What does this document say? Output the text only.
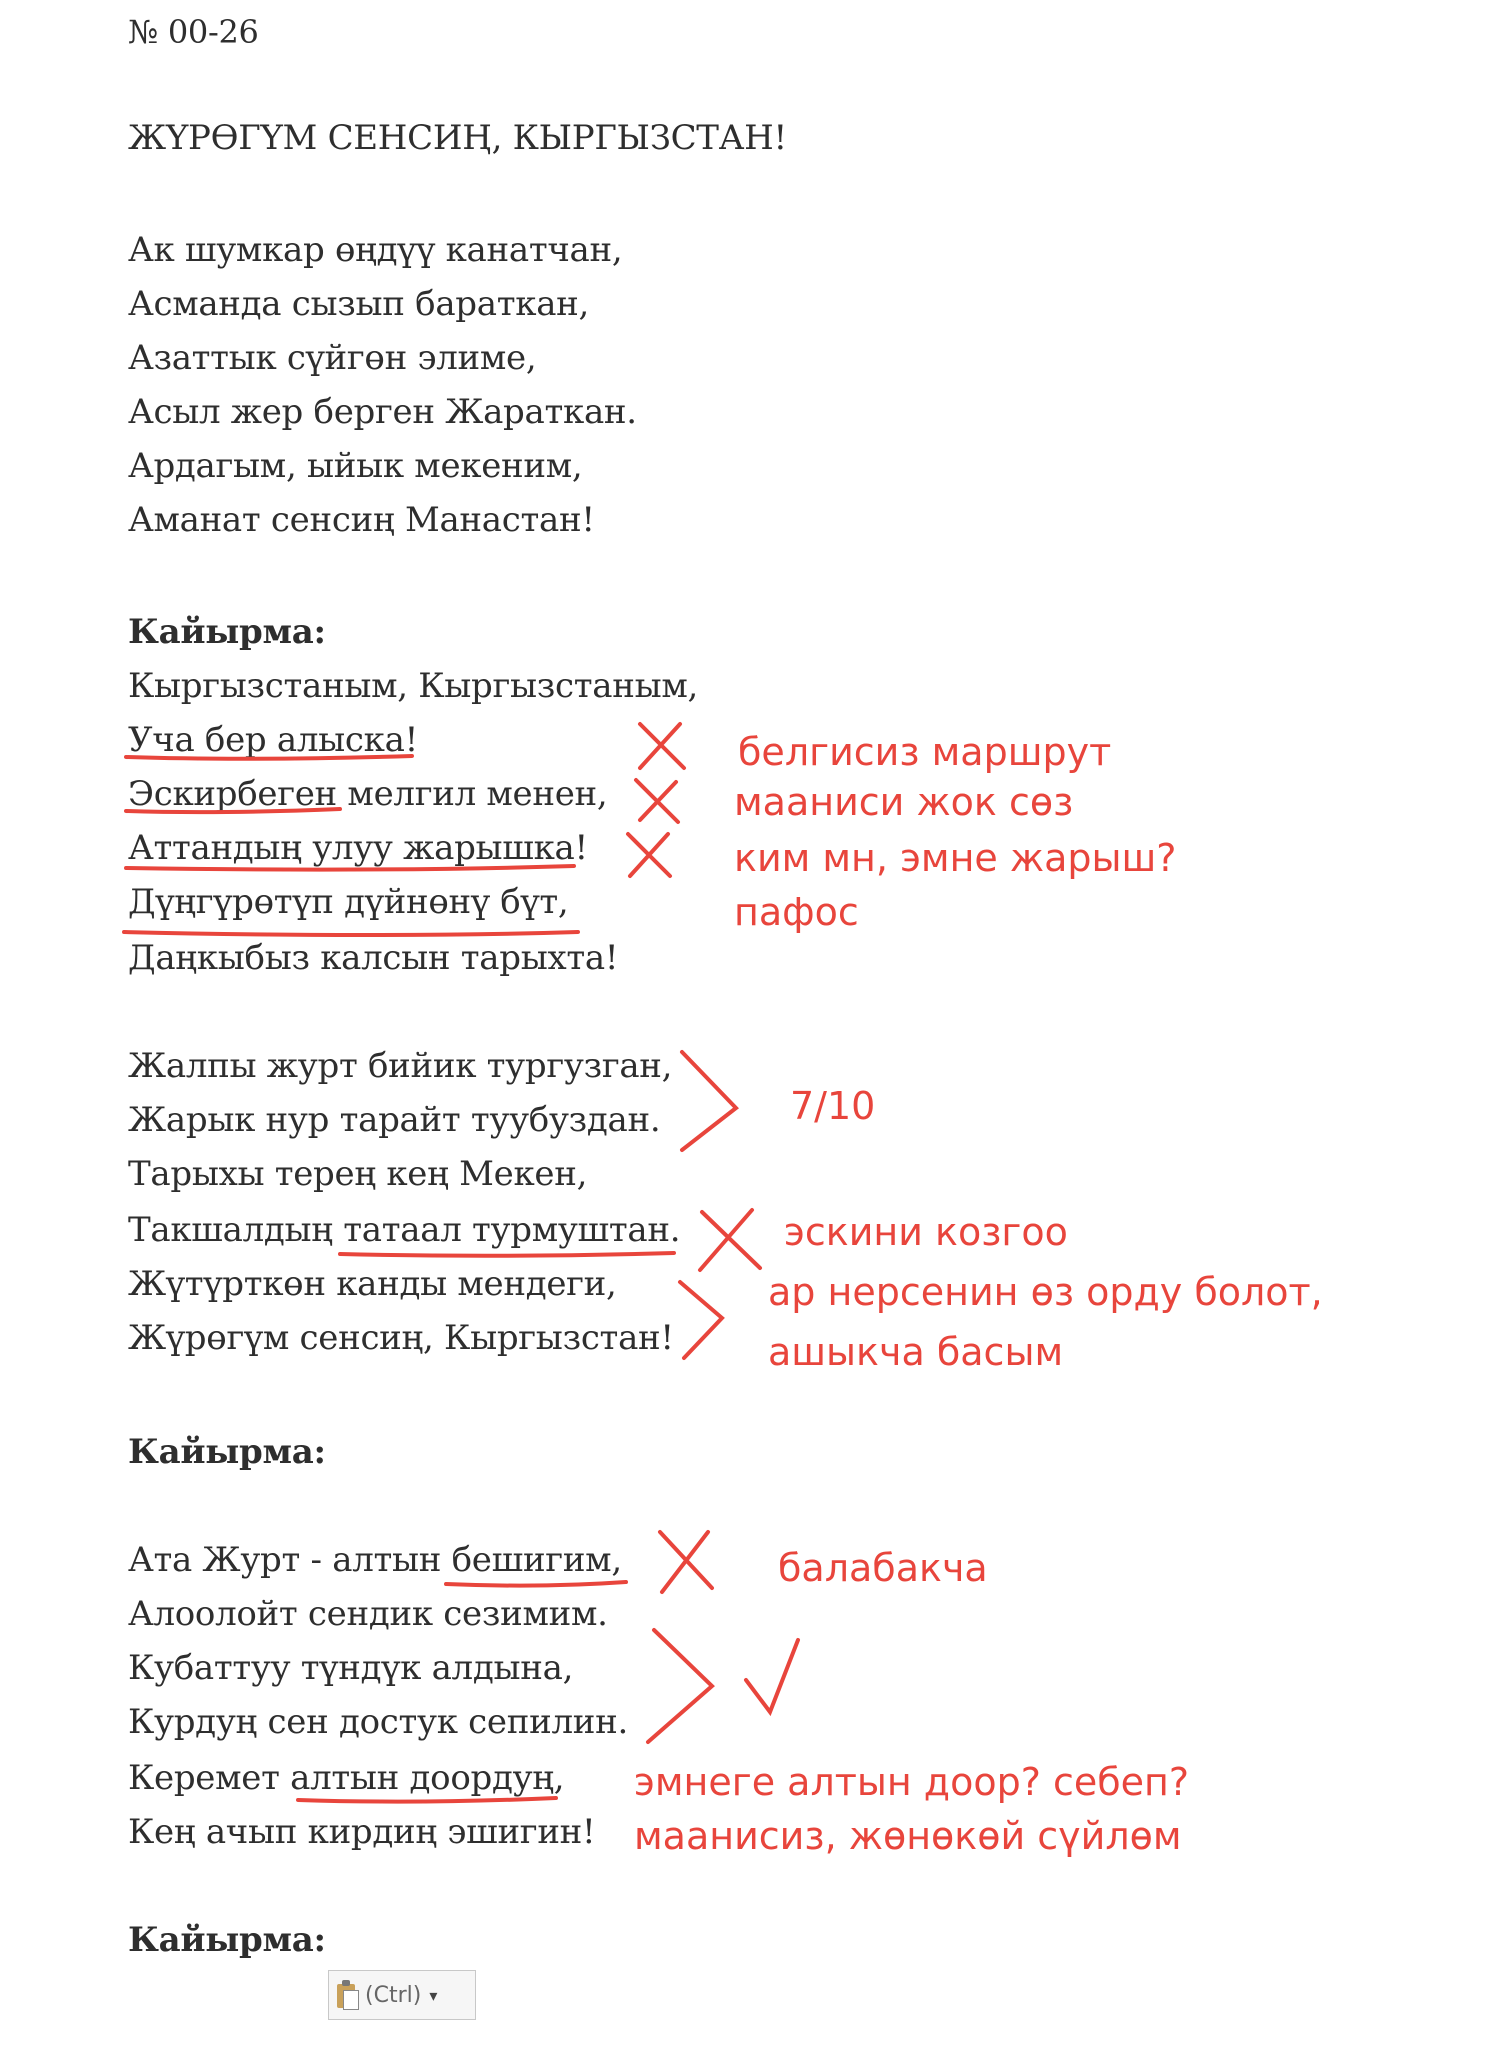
№ 00-26
ЖҮРӨГҮМ СЕНСИҢ, КЫРГЫЗСТАН!
Ак шумкар өңдүү канатчан,
Асманда сызып бараткан,
Азаттык сүйгөн элиме,
Асыл жер берген Жараткан.
Ардагым, ыйык мекеним,
Аманат сенсиң Манастан!
Кайырма:
Кыргызстаным, Кыргызстаным,
Учa бер алыска!
Эскирбеген мелгил менен,
Аттандың улуу жарышка!
Дүңгүрөтүп дүйнөнү бүт,
Даңкыбыз калсын тарыхта!
Жалпы журт бийик тургузган,
Жарык нур тарайт туубуздан.
Тарыхы терең кең Мекен,
Такшалдың татаал турмуштан.
Жүтүрткөн канды мендеги,
Жүрөгүм сенсиң, Кыргызстан!
Кайырма:
Ата Журт - алтын бешигим,
Алоолойт сендик сезимим.
Кубаттуу түндүк алдына,
Курдуң сен достук сепилин.
Керемет алтын доордуң,
Кең ачып кирдиң эшигин!
Кайырма:
белгисиз маршрут
мааниси жок сөз
ким мн, эмне жарыш?
пафос
7/10
эскини козгоо
ар нерсенин өз орду болот,
ашыкча басым
балабакча
эмнеге алтын доор? себеп?
маанисиз, жөнөкөй сүйлөм
(Ctrl) ▾
